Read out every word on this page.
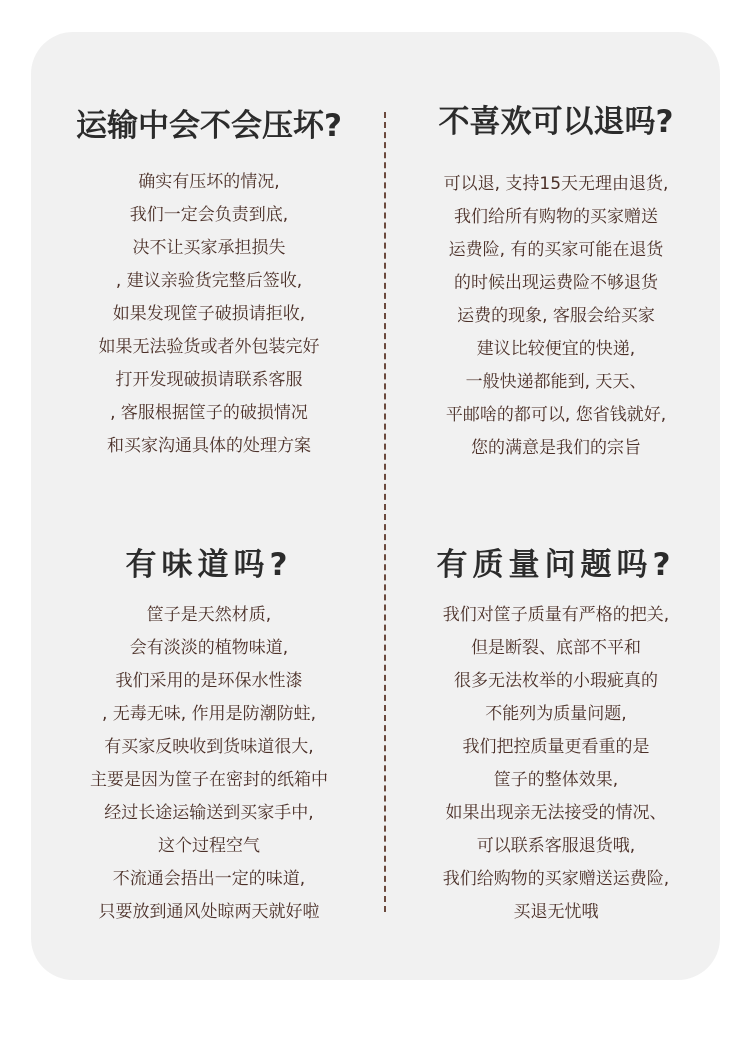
运输中会不会压坏?
确实有压坏的情况,
我们一定会负责到底,
决不让买家承担损失
, 建议亲验货完整后签收,
如果发现筐子破损请拒收,
如果无法验货或者外包装完好
打开发现破损请联系客服
, 客服根据筐子的破损情况
和买家沟通具体的处理方案
不喜欢可以退吗?
可以退, 支持15天无理由退货,
我们给所有购物的买家赠送
运费险, 有的买家可能在退货
的时候出现运费险不够退货
运费的现象, 客服会给买家
建议比较便宜的快递,
一般快递都能到, 天天、
平邮啥的都可以, 您省钱就好,
您的满意是我们的宗旨
有味道吗?
筐子是天然材质,
会有淡淡的植物味道,
我们采用的是环保水性漆
, 无毒无味, 作用是防潮防蛀,
有买家反映收到货味道很大,
主要是因为筐子在密封的纸箱中
经过长途运输送到买家手中,
这个过程空气
不流通会捂出一定的味道,
只要放到通风处晾两天就好啦
有质量问题吗?
我们对筐子质量有严格的把关,
但是断裂、底部不平和
很多无法枚举的小瑕疵真的
不能列为质量问题,
我们把控质量更看重的是
筐子的整体效果,
如果出现亲无法接受的情况、
可以联系客服退货哦,
我们给购物的买家赠送运费险,
买退无忧哦
